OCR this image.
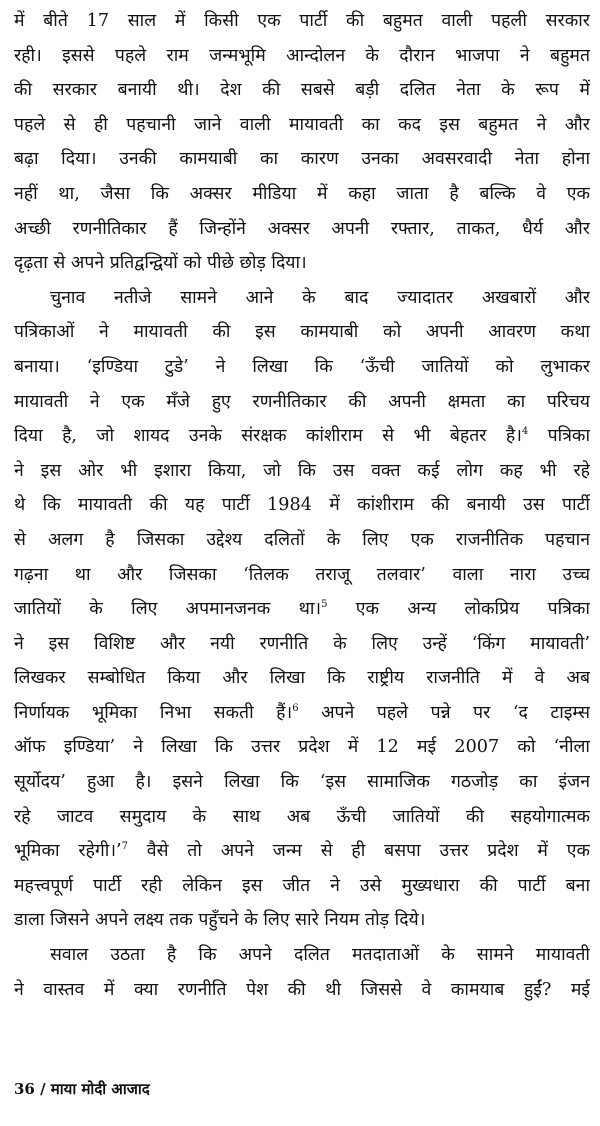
में बीते 17 साल में किसी एक पार्टी की बहुमत वाली पहली सरकार
रही। इससे पहले राम जन्मभूमि आन्दोलन के दौरान भाजपा ने बहुमत
की सरकार बनायी थी। देश की सबसे बड़ी दलित नेता के रूप में
पहले से ही पहचानी जाने वाली मायावती का कद इस बहुमत ने और
बढ़ा दिया। उनकी कामयाबी का कारण उनका अवसरवादी नेता होना
नहीं था, जैसा कि अक्सर मीडिया में कहा जाता है बल्कि वे एक
अच्छी रणनीतिकार हैं जिन्होंने अक्सर अपनी रफ्तार, ताकत, धैर्य और
दृढ़ता से अपने प्रतिद्वन्द्वियों को पीछे छोड़ दिया।
चुनाव नतीजे सामने आने के बाद ज्यादातर अखबारों और
पत्रिकाओं ने मायावती की इस कामयाबी को अपनी आवरण कथा
बनाया। ‘इण्डिया टुडे’ ने लिखा कि ‘ऊँची जातियों को लुभाकर
मायावती ने एक मँजे हुए रणनीतिकार की अपनी क्षमता का परिचय
दिया है, जो शायद उनके संरक्षक कांशीराम से भी बेहतर है।$^4$ पत्रिका
ने इस ओर भी इशारा किया, जो कि उस वक्त कई लोग कह भी रहे
थे कि मायावती की यह पार्टी 1984 में कांशीराम की बनायी उस पार्टी
से अलग है जिसका उद्देश्य दलितों के लिए एक राजनीतिक पहचान
गढ़ना था और जिसका ‘तिलक तराजू तलवार’ वाला नारा उच्च
जातियों के लिए अपमानजनक था।$^5$ एक अन्य लोकप्रिय पत्रिका
ने इस विशिष्ट और नयी रणनीति के लिए उन्हें ‘किंग मायावती’
लिखकर सम्बोधित किया और लिखा कि राष्ट्रीय राजनीति में वे अब
निर्णायक भूमिका निभा सकती हैं।$^6$ अपने पहले पन्ने पर ‘द टाइम्स
ऑफ इण्डिया’ ने लिखा कि उत्तर प्रदेश में 12 मई 2007 को ‘नीला
सूर्योदय’ हुआ है। इसने लिखा कि ‘इस सामाजिक गठजोड़ का इंजन
रहे जाटव समुदाय के साथ अब ऊँची जातियों की सहयोगात्मक
भूमिका रहेगी।’$^7$ वैसे तो अपने जन्म से ही बसपा उत्तर प्रदेश में एक
महत्त्वपूर्ण पार्टी रही लेकिन इस जीत ने उसे मुख्यधारा की पार्टी बना
डाला जिसने अपने लक्ष्य तक पहुँचने के लिए सारे नियम तोड़ दिये।
सवाल उठता है कि अपने दलित मतदाताओं के सामने मायावती
ने वास्तव में क्या रणनीति पेश की थी जिससे वे कामयाब हुईं? मई
36 / माया मोदी आजाद
